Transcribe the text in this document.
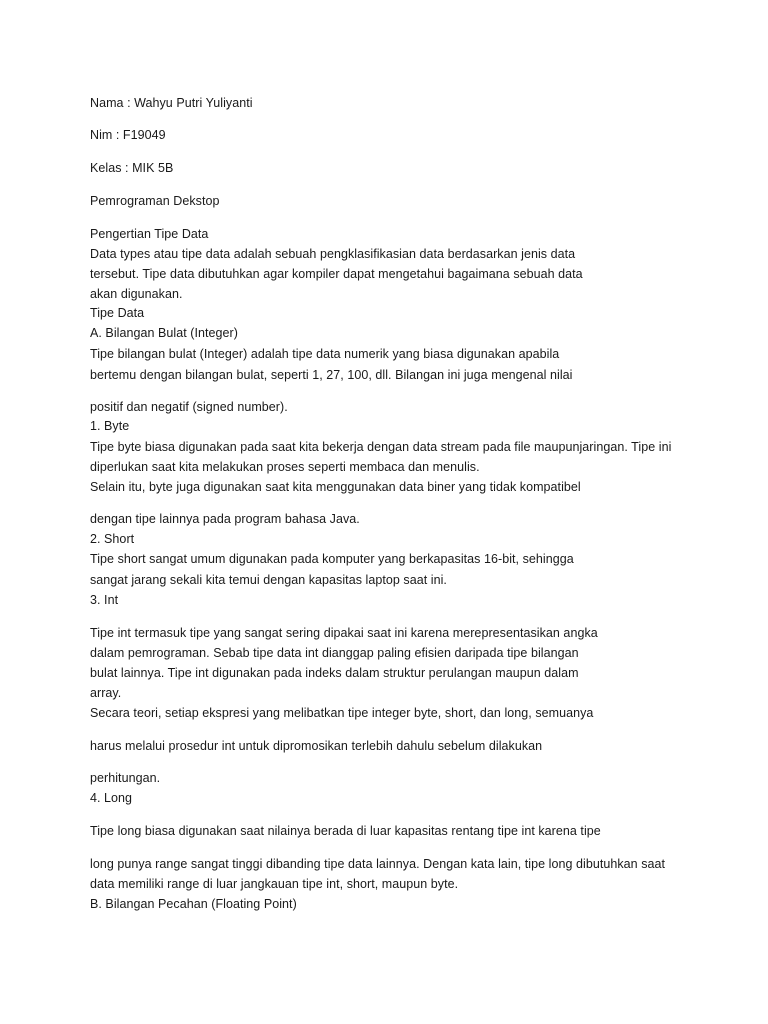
Nama : Wahyu Putri Yuliyanti
Nim : F19049
Kelas : MIK 5B
Pemrograman Dekstop
Pengertian Tipe Data
Data types atau tipe data adalah sebuah pengklasifikasian data berdasarkan jenis data
tersebut. Tipe data dibutuhkan agar kompiler dapat mengetahui bagaimana sebuah data
akan digunakan.
Tipe Data
A. Bilangan Bulat (Integer)
Tipe bilangan bulat (Integer) adalah tipe data numerik yang biasa digunakan apabila
bertemu dengan bilangan bulat, seperti 1, 27, 100, dll. Bilangan ini juga mengenal nilai
positif dan negatif (signed number).
1. Byte
Tipe byte biasa digunakan pada saat kita bekerja dengan data stream pada file maupunjaringan. Tipe ini
diperlukan saat kita melakukan proses seperti membaca dan menulis.
Selain itu, byte juga digunakan saat kita menggunakan data biner yang tidak kompatibel
dengan tipe lainnya pada program bahasa Java.
2. Short
Tipe short sangat umum digunakan pada komputer yang berkapasitas 16-bit, sehingga
sangat jarang sekali kita temui dengan kapasitas laptop saat ini.
3. Int
Tipe int termasuk tipe yang sangat sering dipakai saat ini karena merepresentasikan angka
dalam pemrograman. Sebab tipe data int dianggap paling efisien daripada tipe bilangan
bulat lainnya. Tipe int digunakan pada indeks dalam struktur perulangan maupun dalam
array.
Secara teori, setiap ekspresi yang melibatkan tipe integer byte, short, dan long, semuanya
harus melalui prosedur int untuk dipromosikan terlebih dahulu sebelum dilakukan
perhitungan.
4. Long
Tipe long biasa digunakan saat nilainya berada di luar kapasitas rentang tipe int karena tipe
long punya range sangat tinggi dibanding tipe data lainnya. Dengan kata lain, tipe long dibutuhkan saat
data memiliki range di luar jangkauan tipe int, short, maupun byte.
B. Bilangan Pecahan (Floating Point)
